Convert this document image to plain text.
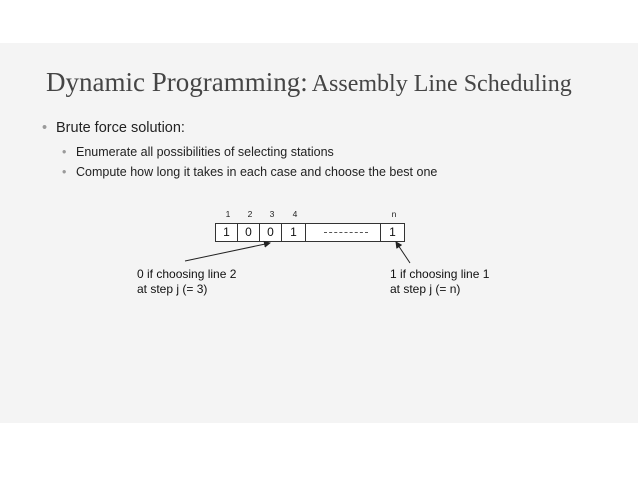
Dynamic Programming: Assembly Line Scheduling
• Brute force solution:
• Enumerate all possibilities of selecting stations
• Compute how long it takes in each case and choose the best one
1	2	3	4	n
1	0	0	1	1
0 if choosing line 2
at step j (= 3)
1 if choosing line 1
at step j (= n)
